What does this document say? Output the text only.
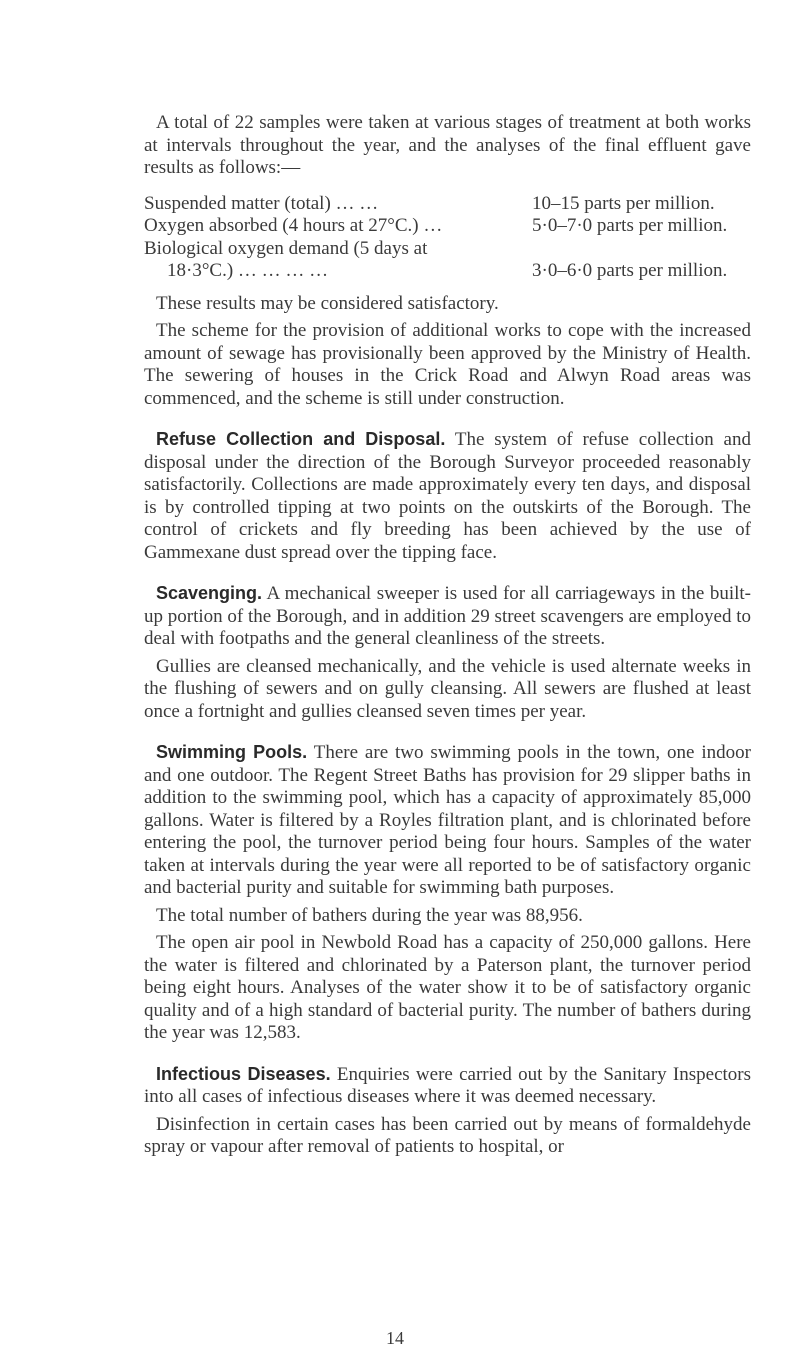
A total of 22 samples were taken at various stages of treatment at both works at intervals throughout the year, and the analyses of the final effluent gave results as follows:—

Suspended matter (total) … …	10–15 parts per million.
Oxygen absorbed (4 hours at 27°C.) …	5·0–7·0 parts per million.
Biological oxygen demand (5 days at	
18·3°C.) … … … …	3·0–6·0 parts per million.

These results may be considered satisfactory.

The scheme for the provision of additional works to cope with the increased amount of sewage has provisionally been approved by the Ministry of Health. The sewering of houses in the Crick Road and Alwyn Road areas was commenced, and the scheme is still under construction.

Refuse Collection and Disposal. The system of refuse collection and disposal under the direction of the Borough Surveyor proceeded reasonably satisfactorily. Collections are made approximately every ten days, and disposal is by controlled tipping at two points on the outskirts of the Borough. The control of crickets and fly breeding has been achieved by the use of Gammexane dust spread over the tipping face.

Scavenging. A mechanical sweeper is used for all carriageways in the built-up portion of the Borough, and in addition 29 street scavengers are employed to deal with footpaths and the general cleanliness of the streets.

Gullies are cleansed mechanically, and the vehicle is used alternate weeks in the flushing of sewers and on gully cleansing. All sewers are flushed at least once a fortnight and gullies cleansed seven times per year.

Swimming Pools. There are two swimming pools in the town, one indoor and one outdoor. The Regent Street Baths has provision for 29 slipper baths in addition to the swimming pool, which has a capacity of approximately 85,000 gallons. Water is filtered by a Royles filtration plant, and is chlorinated before entering the pool, the turnover period being four hours. Samples of the water taken at intervals during the year were all reported to be of satisfactory organic and bacterial purity and suitable for swimming bath purposes.

The total number of bathers during the year was 88,956.

The open air pool in Newbold Road has a capacity of 250,000 gallons. Here the water is filtered and chlorinated by a Paterson plant, the turnover period being eight hours. Analyses of the water show it to be of satisfactory organic quality and of a high standard of bacterial purity. The number of bathers during the year was 12,583.

Infectious Diseases. Enquiries were carried out by the Sanitary Inspectors into all cases of infectious diseases where it was deemed necessary.

Disinfection in certain cases has been carried out by means of formaldehyde spray or vapour after removal of patients to hospital, or

14
